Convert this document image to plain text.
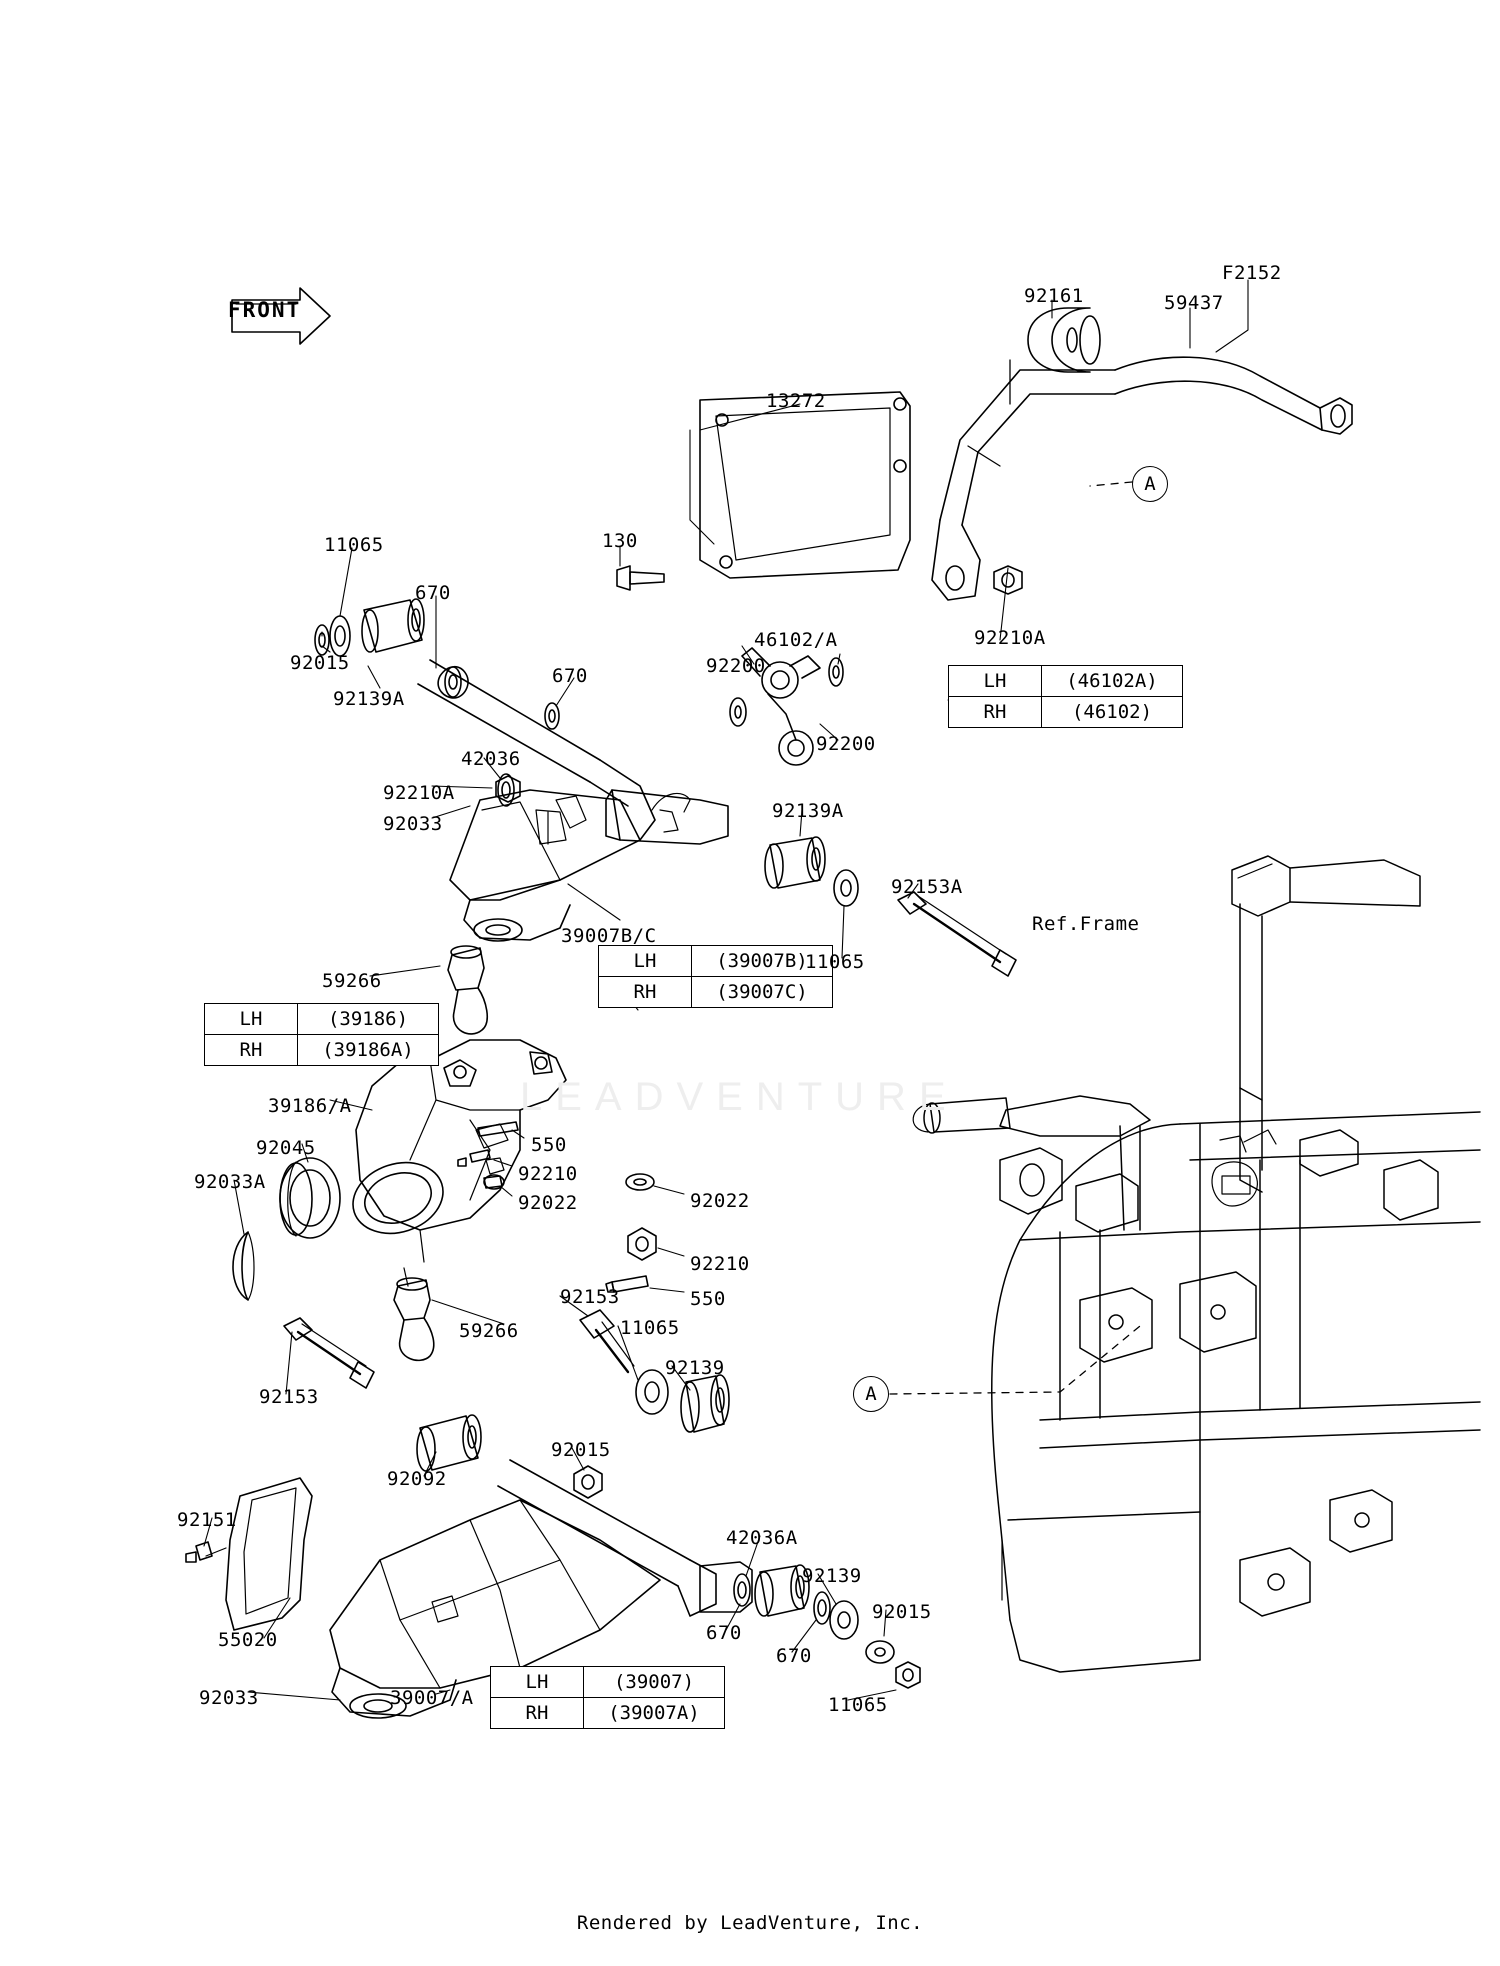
FRONT
A
A
LEADVENTURE
LH	(46102A)
RH	(46102)
LH	(39007B)
RH	(39007C)
LH	(39186)
RH	(39186A)
LH	(39007)
RH	(39007A)
F2152
92161	59437
13272
130
11065
670
46102/A	92210A
92015
670	92200
92139A
92200
42036
92210A
92139A
92033
92153A
Ref.Frame
39007B/C
11065
59266
39186/A
92045	550
92033A	92210
92022	92022
92210
550
92153
11065
59266
92139
92153
92015
92092
92151
42036A
92139
92015
670
670
55020
11065
92033	39007/A
Rendered by LeadVenture, Inc.
